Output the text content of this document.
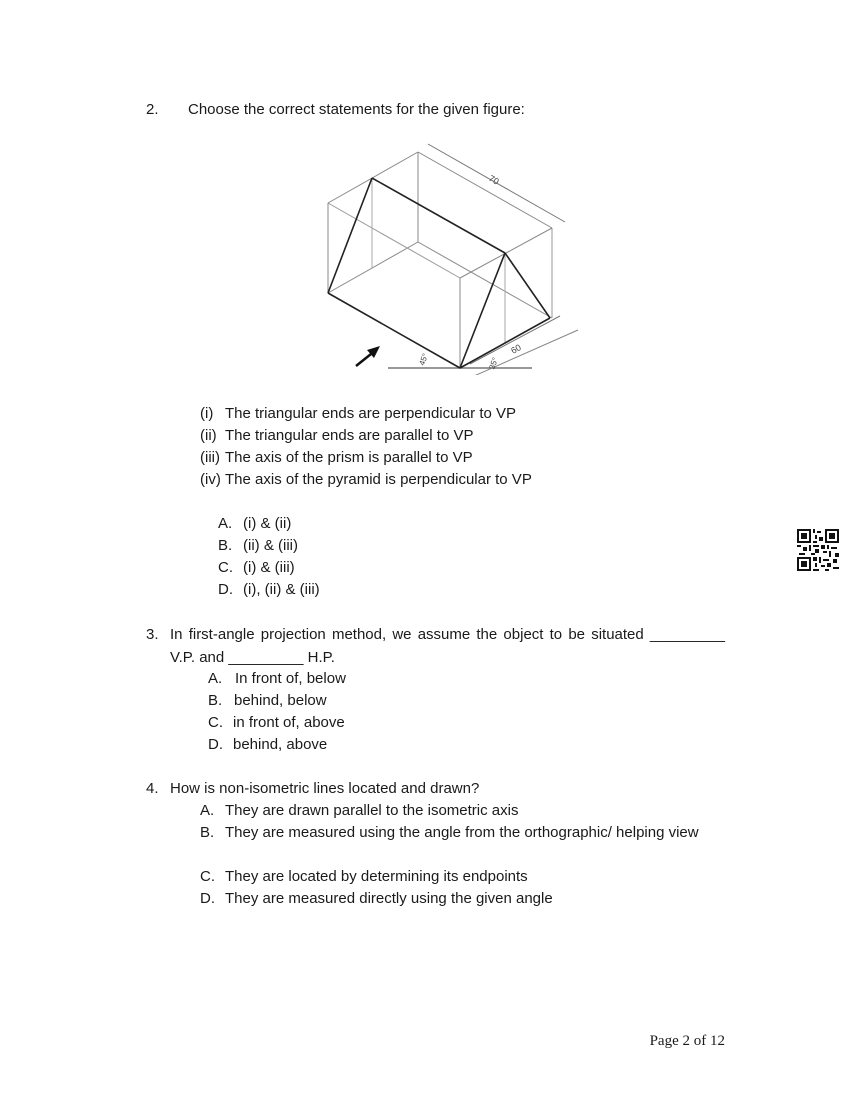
2. Choose the correct statements for the given figure:
70
60
45°	35°
(i) The triangular ends are perpendicular to VP
(ii) The triangular ends are parallel to VP
(iii) The axis of the prism is parallel to VP
(iv) The axis of the pyramid is perpendicular to VP
A. (i) & (ii)
B. (ii) & (iii)
C. (i) & (iii)
D. (i), (ii) & (iii)
3. In first-angle projection method, we assume the object to be situated _________ V.P. and _________ H.P.
A. In front of, below
B. behind, below
C. in front of, above
D. behind, above
4. How is non-isometric lines located and drawn?
A. They are drawn parallel to the isometric axis
B. They are measured using the angle from the orthographic/ helping view
C. They are located by determining its endpoints
D. They are measured directly using the given angle
Page 2 of 12
